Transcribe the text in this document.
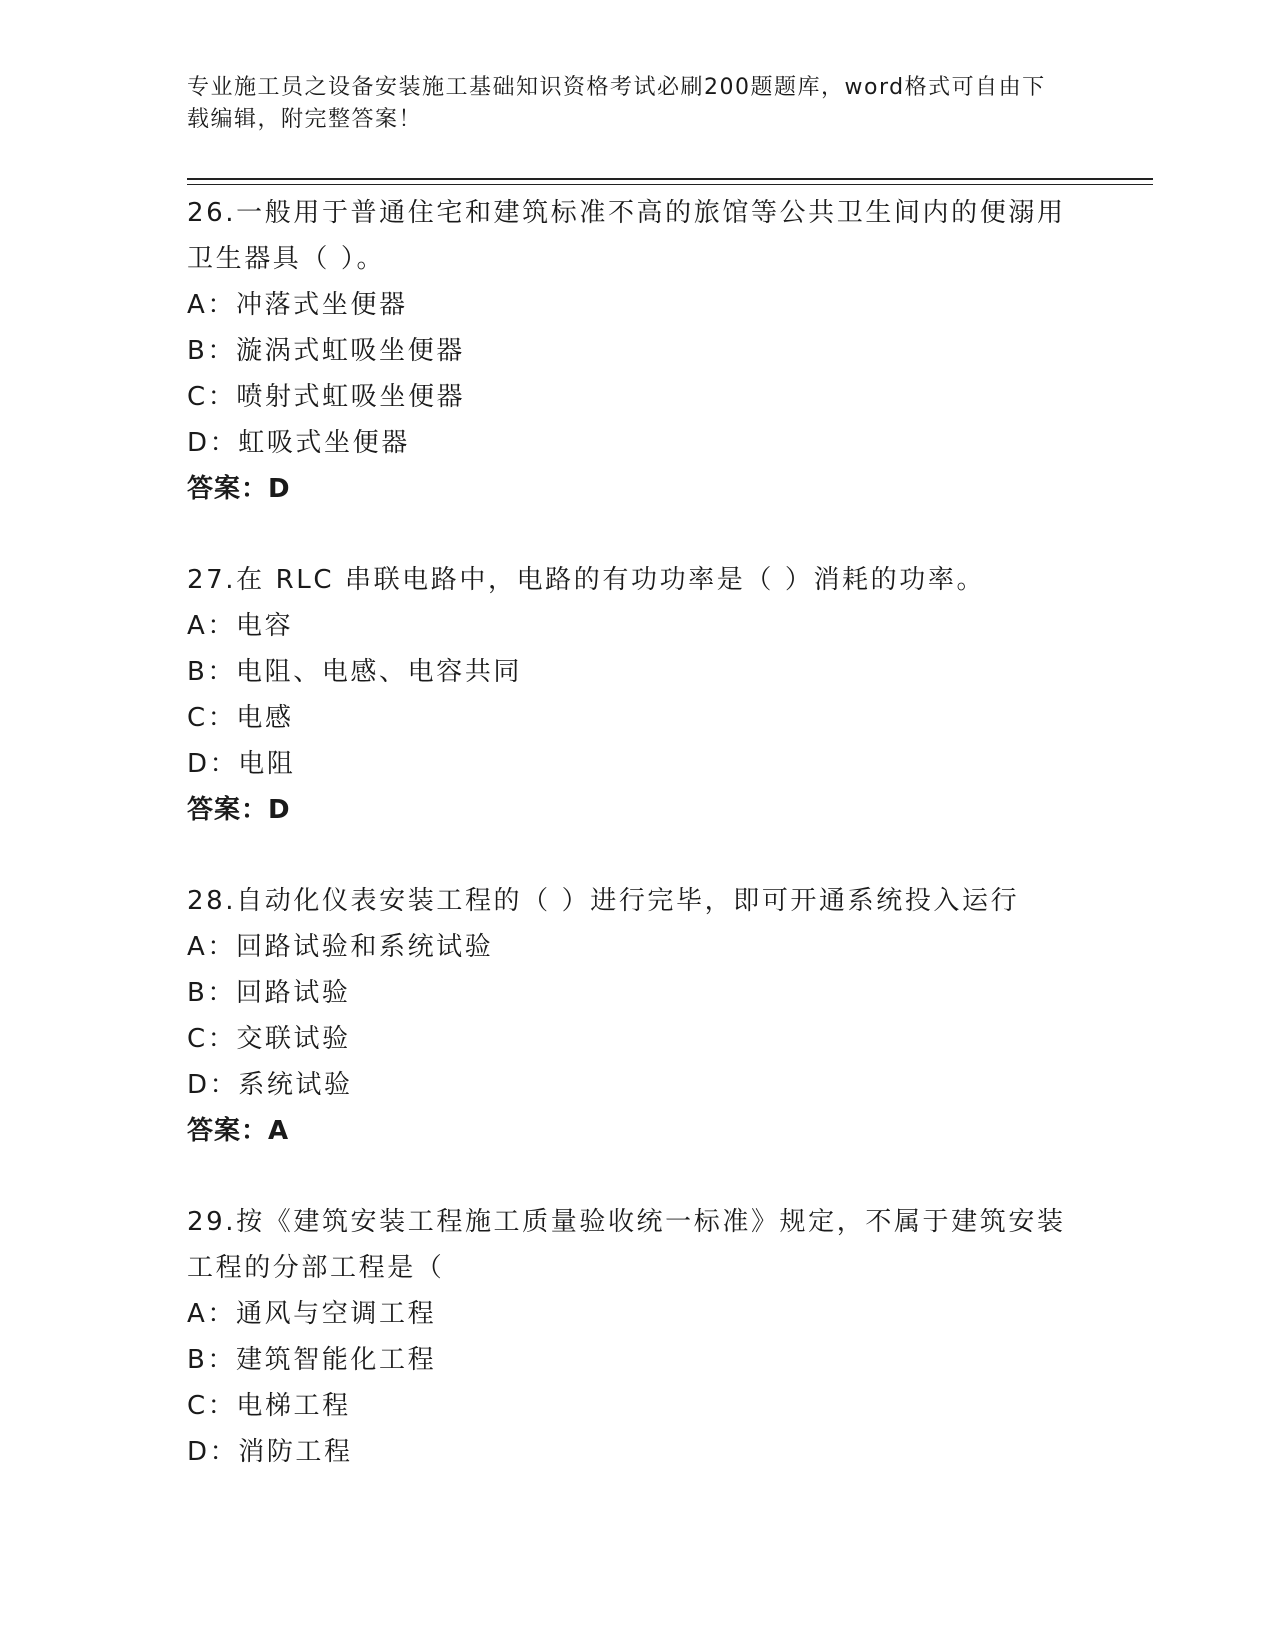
专业施工员之设备安装施工基础知识资格考试必刷200题题库，word格式可自由下载编辑，附完整答案！
26.一般用于普通住宅和建筑标准不高的旅馆等公共卫生间内的便溺用卫生器具（ ）。
A：冲落式坐便器
B：漩涡式虹吸坐便器
C：喷射式虹吸坐便器
D：虹吸式坐便器
答案：D
27.在 RLC 串联电路中，电路的有功功率是（ ）消耗的功率。
A：电容
B：电阻、电感、电容共同
C：电感
D：电阻
答案：D
28.自动化仪表安装工程的（ ）进行完毕，即可开通系统投入运行
A：回路试验和系统试验
B：回路试验
C：交联试验
D：系统试验
答案：A
29.按《建筑安装工程施工质量验收统一标准》规定，不属于建筑安装工程的分部工程是（
A：通风与空调工程
B：建筑智能化工程
C：电梯工程
D：消防工程
